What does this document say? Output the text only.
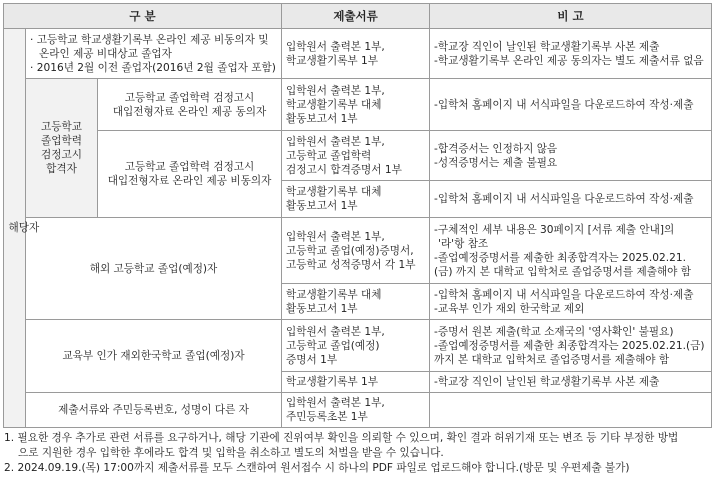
구 분			제출서류	비 고
해당자	· 고등학교 학교생활기록부 온라인 제공 비동의자 및
온라인 제공 비대상교 졸업자
· 2016년 2월 이전 졸업자(2016년 2월 졸업자 포함)		입학원서 출력본 1부,
학교생활기록부 1부	-학교장 직인이 날인된 학교생활기록부 사본 제출
-학교생활기록부 온라인 제공 동의자는 별도 제출서류 없음

	고등학교
졸업학력
검정고시
합격자	고등학교 졸업학력 검정고시
대입전형자료 온라인 제공 동의자	입학원서 출력본 1부,
학교생활기록부 대체
활동보고서 1부	-입학처 홈페이지 내 서식파일을 다운로드하여 작성·제출

		고등학교 졸업학력 검정고시
대입전형자료 온라인 제공 비동의자	입학원서 출력본 1부,
고등학교 졸업학력
검정고시 합격증명서 1부	-합격증서는 인정하지 않음
-성적증명서는 제출 불필요

			학교생활기록부 대체
활동보고서 1부	-입학처 홈페이지 내 서식파일을 다운로드하여 작성·제출

	해외 고등학교 졸업(예정)자		입학원서 출력본 1부,
고등학교 졸업(예정)증명서,
고등학교 성적증명서 각 1부	-구체적인 세부 내용은 30페이지 [서류 제출 안내]의
'라'항 참조
-졸업예정증명서를 제출한 최종합격자는 2025.02.21.
(금) 까지 본 대학교 입학처로 졸업증명서를 제출해야 함

			학교생활기록부 대체
활동보고서 1부	-입학처 홈페이지 내 서식파일을 다운로드하여 작성·제출
-교육부 인가 재외 한국학교 제외

	교육부 인가 재외한국학교 졸업(예정)자		입학원서 출력본 1부,
고등학교 졸업(예정)
증명서 1부	-증명서 원본 제출(학교 소재국의 '영사확인' 불필요)
-졸업예정증명서를 제출한 최종합격자는 2025.02.21.(금)
까지 본 대학교 입학처로 졸업증명서를 제출해야 함

			학교생활기록부 1부	-학교장 직인이 날인된 학교생활기록부 사본 제출
	제출서류와 주민등록번호, 성명이 다른 자		입학원서 출력본 1부,
주민등록초본 1부	

1. 필요한 경우 추가로 관련 서류를 요구하거나, 해당 기관에 진위여부 확인을 의뢰할 수 있으며, 확인 결과 허위기재 또는 변조 등 기타 부정한 방법

으로 지원한 경우 입학한 후에라도 합격 및 입학을 취소하고 별도의 처벌을 받을 수 있습니다.

2. 2024.09.19.(목) 17:00까지 제출서류를 모두 스캔하여 원서접수 시 하나의 PDF 파일로 업로드해야 합니다.(방문 및 우편제출 불가)
